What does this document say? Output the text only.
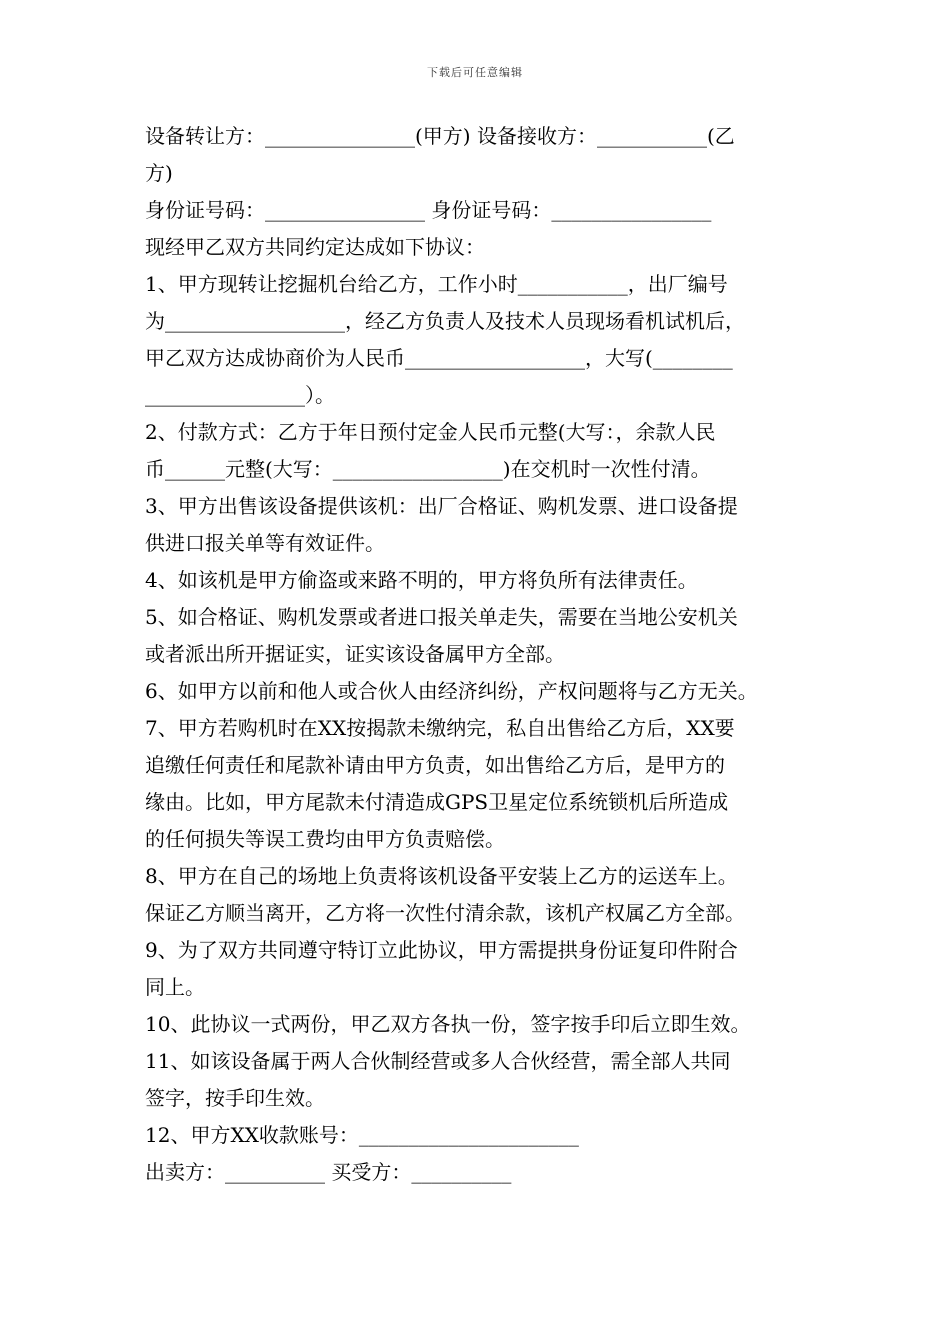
下载后可任意编辑
设备转让方：_______________(甲方) 设备接收方：___________(乙
方)
身份证号码：________________ 身份证号码：________________
现经甲乙双方共同约定达成如下协议：
1、甲方现转让挖掘机台给乙方，工作小时___________，出厂编号
为__________________，经乙方负责人及技术人员现场看机试机后，
甲乙双方达成协商价为人民币__________________，大写(________
________________）。
2、付款方式：乙方于年日预付定金人民币元整(大写：，余款人民
币______元整(大写：_________________)在交机时一次性付清。
3、甲方出售该设备提供该机：出厂合格证、购机发票、进口设备提
供进口报关单等有效证件。
4、如该机是甲方偷盗或来路不明的，甲方将负所有法律责任。
5、如合格证、购机发票或者进口报关单走失，需要在当地公安机关
或者派出所开据证实，证实该设备属甲方全部。
6、如甲方以前和他人或合伙人由经济纠纷，产权问题将与乙方无关。
7、甲方若购机时在XX按揭款未缴纳完，私自出售给乙方后，XX要
追缴任何责任和尾款补请由甲方负责，如出售给乙方后，是甲方的
缘由。比如，甲方尾款未付清造成GPS卫星定位系统锁机后所造成
的任何损失等误工费均由甲方负责赔偿。
8、甲方在自己的场地上负责将该机设备平安装上乙方的运送车上。
保证乙方顺当离开，乙方将一次性付清余款，该机产权属乙方全部。
9、为了双方共同遵守特订立此协议，甲方需提拱身份证复印件附合
同上。
10、此协议一式两份，甲乙双方各执一份，签字按手印后立即生效。
11、如该设备属于两人合伙制经营或多人合伙经营，需全部人共同
签字，按手印生效。
12、甲方XX收款账号：______________________
出卖方：__________ 买受方：__________
